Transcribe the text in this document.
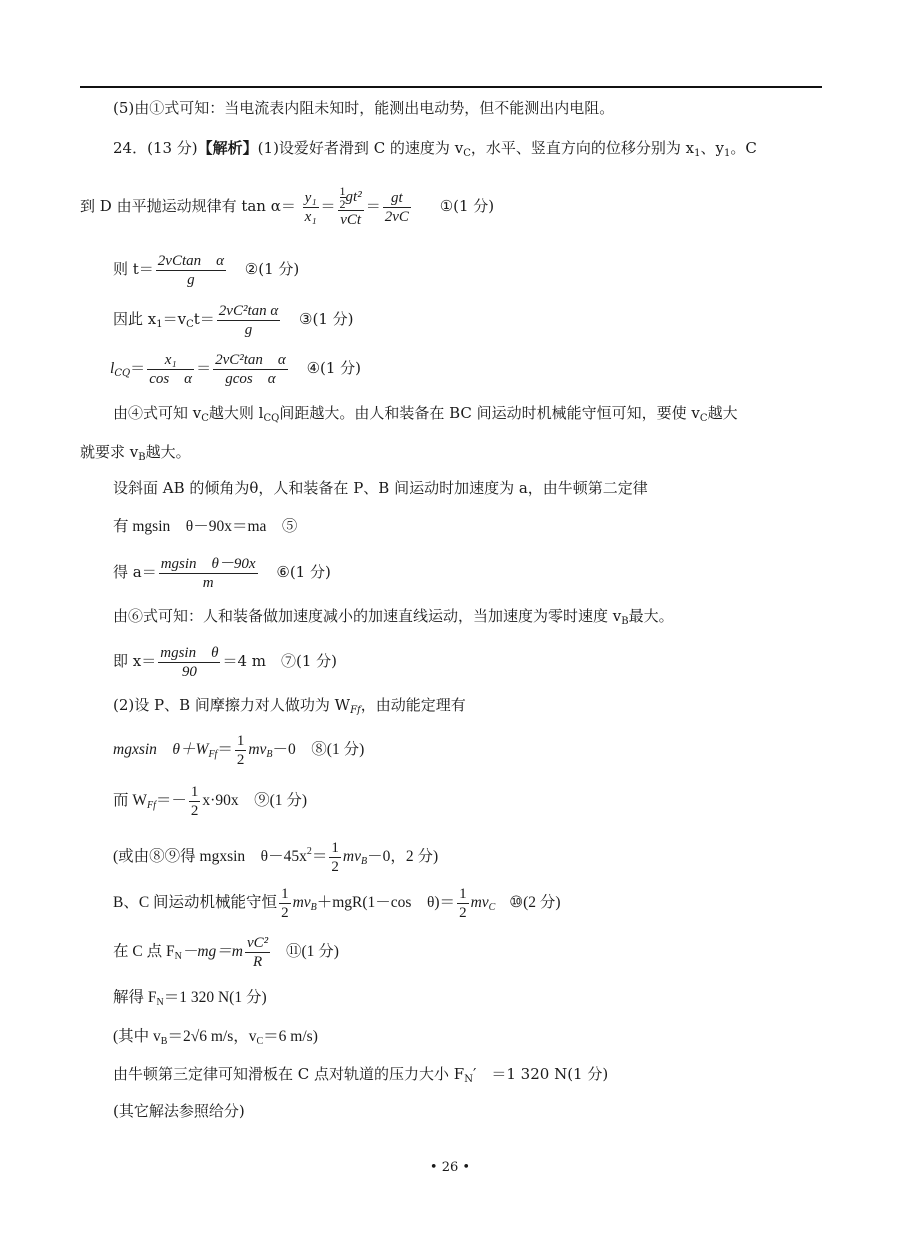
(5)由①式可知：当电流表内阻未知时，能测出电动势，但不能测出内电阻。
24．(13 分)【解析】(1)设爱好者滑到 C 的速度为 $v_C$，水平、竖直方向的位移分别为 $x_1$、$y_1$。C
到 D 由平抛运动规律有 $\tan \alpha= \frac{\text{y₁}}{\text{x₁}} = \frac{\frac{1}{2} gt^2}{\text{vCt}} = \frac{gt}{2vC}$ ①(1 分)
则 $t= \frac{\text{2vCtan　α}}{g}$ ②(1 分)
因此 $x_1=v_Ct= \frac{\text{2vC²tan α}}{g}$ ③(1 分)
$l_{CQ}= \frac{\text{x₁}}{\text{cos　α}} = \frac{\text{2vC²tan　α}}{\text{gcos　α}}$ ④(1 分)
由④式可知 $v_C$越大则 $l_{CQ}$间距越大。由人和装备在 BC 间运动时机械能守恒可知，要使 $v_C$越大
就要求 $v_B$越大。
设斜面 AB 的倾角为θ，人和装备在 P、B 间运动时加速度为 a，由牛顿第二定律
有 mgsin　θ－90x＝ma　⑤
得 $a= \frac{\text{mgsin　θ－90x}}{m}$ ⑥(1 分)
由⑥式可知：人和装备做加速度减小的加速直线运动，当加速度为零时速度 $v_B$最大。
即 $x= \frac{\text{mgsin　θ}}{90} =4$ m　⑦(1 分)
(2)设 P、B 间摩擦力对人做功为 $W_{Ff}$，由动能定理有
mgxsin　$\theta+W_{Ff}= \frac{1}{2} mv_B-0$　⑧(1 分)
而 $W_{Ff}=- \frac{1}{2} x\cdot 90x$　⑨(1 分)
(或由⑧⑨得 mgxsin　$\theta-45x^2= \frac{1}{2} mv_B-0$，2 分)
B、C 间运动机械能守恒 $\frac{1}{2} mv_B+mgR(1-\cos$　$\theta)= \frac{1}{2} mv_C$ ⑩(2 分)
在 C 点 $F_N-mg=m \frac{\text{vC²}}{R}$ ⑪(1 分)
解得 $F_N=1$ 320 N(1 分)
(其中 $v_B=2√6$ m/s，$v_C=6$ m/s)
由牛顿第三定律可知滑板在 C 点对轨道的压力大小 $F_N'$　＝1 320 N(1 分)
(其它解法参照给分)
• 26 •
